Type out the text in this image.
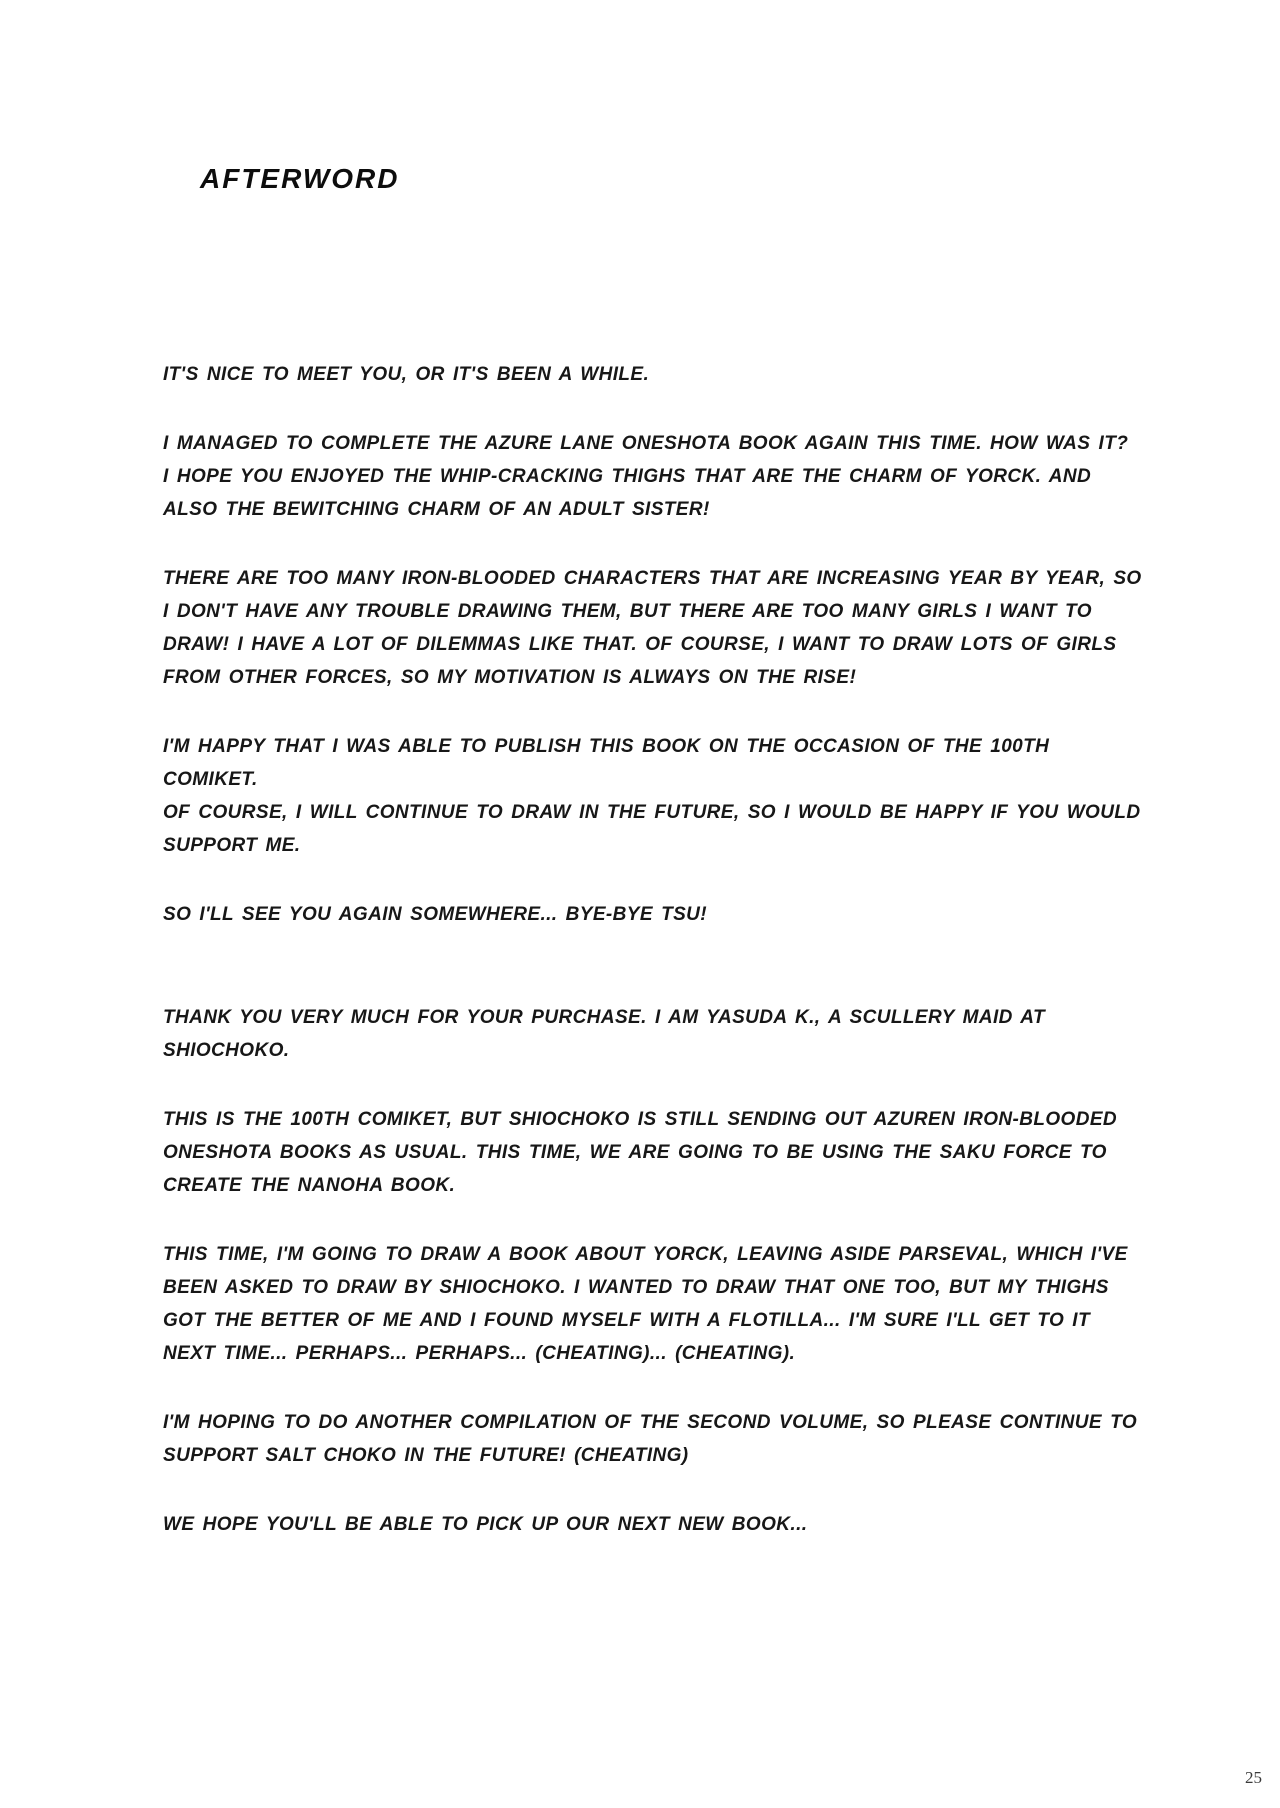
AFTERWORD
IT'S NICE TO MEET YOU, OR IT'S BEEN A WHILE.
I MANAGED TO COMPLETE THE AZURE LANE ONESHOTA BOOK AGAIN THIS TIME. HOW WAS IT?
I HOPE YOU ENJOYED THE WHIP-CRACKING THIGHS THAT ARE THE CHARM OF YORCK. AND
ALSO THE BEWITCHING CHARM OF AN ADULT SISTER!
THERE ARE TOO MANY IRON-BLOODED CHARACTERS THAT ARE INCREASING YEAR BY YEAR, SO
I DON'T HAVE ANY TROUBLE DRAWING THEM, BUT THERE ARE TOO MANY GIRLS I WANT TO
DRAW! I HAVE A LOT OF DILEMMAS LIKE THAT. OF COURSE, I WANT TO DRAW LOTS OF GIRLS
FROM OTHER FORCES, SO MY MOTIVATION IS ALWAYS ON THE RISE!
I'M HAPPY THAT I WAS ABLE TO PUBLISH THIS BOOK ON THE OCCASION OF THE 100TH
COMIKET.
OF COURSE, I WILL CONTINUE TO DRAW IN THE FUTURE, SO I WOULD BE HAPPY IF YOU WOULD
SUPPORT ME.
SO I'LL SEE YOU AGAIN SOMEWHERE... BYE-BYE TSU!
THANK YOU VERY MUCH FOR YOUR PURCHASE. I AM YASUDA K., A SCULLERY MAID AT
SHIOCHOKO.
THIS IS THE 100TH COMIKET, BUT SHIOCHOKO IS STILL SENDING OUT AZUREN IRON-BLOODED
ONESHOTA BOOKS AS USUAL. THIS TIME, WE ARE GOING TO BE USING THE SAKU FORCE TO
CREATE THE NANOHA BOOK.
THIS TIME, I'M GOING TO DRAW A BOOK ABOUT YORCK, LEAVING ASIDE PARSEVAL, WHICH I'VE
BEEN ASKED TO DRAW BY SHIOCHOKO. I WANTED TO DRAW THAT ONE TOO, BUT MY THIGHS
GOT THE BETTER OF ME AND I FOUND MYSELF WITH A FLOTILLA... I'M SURE I'LL GET TO IT
NEXT TIME... PERHAPS... PERHAPS... (CHEATING)... (CHEATING).
I'M HOPING TO DO ANOTHER COMPILATION OF THE SECOND VOLUME, SO PLEASE CONTINUE TO
SUPPORT SALT CHOKO IN THE FUTURE! (CHEATING)
WE HOPE YOU'LL BE ABLE TO PICK UP OUR NEXT NEW BOOK...
25
